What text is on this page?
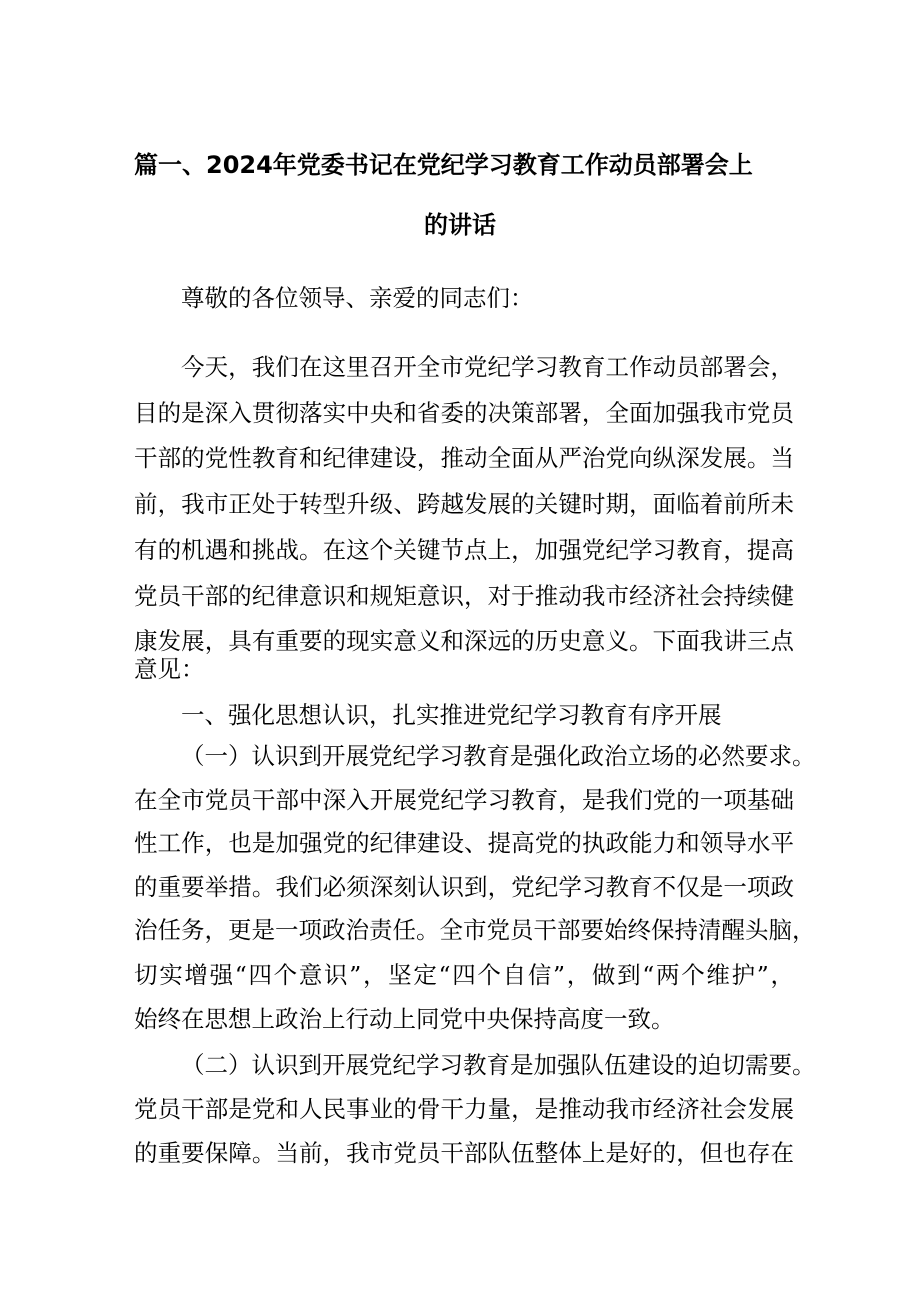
篇一、2024年党委书记在党纪学习教育工作动员部署会上
的讲话
尊敬的各位领导、亲爱的同志们：
今天，我们在这里召开全市党纪学习教育工作动员部署会，
目的是深入贯彻落实中央和省委的决策部署，全面加强我市党员
干部的党性教育和纪律建设，推动全面从严治党向纵深发展。当
前，我市正处于转型升级、跨越发展的关键时期，面临着前所未
有的机遇和挑战。在这个关键节点上，加强党纪学习教育，提高
党员干部的纪律意识和规矩意识，对于推动我市经济社会持续健
康发展，具有重要的现实意义和深远的历史意义。下面我讲三点
意见：
一、强化思想认识，扎实推进党纪学习教育有序开展
（一）认识到开展党纪学习教育是强化政治立场的必然要求。
在全市党员干部中深入开展党纪学习教育，是我们党的一项基础
性工作，也是加强党的纪律建设、提高党的执政能力和领导水平
的重要举措。我们必须深刻认识到，党纪学习教育不仅是一项政
治任务，更是一项政治责任。全市党员干部要始终保持清醒头脑，
切实增强“四个意识”，坚定“四个自信”，做到“两个维护”，
始终在思想上政治上行动上同党中央保持高度一致。
（二）认识到开展党纪学习教育是加强队伍建设的迫切需要。
党员干部是党和人民事业的骨干力量，是推动我市经济社会发展
的重要保障。当前，我市党员干部队伍整体上是好的，但也存在
